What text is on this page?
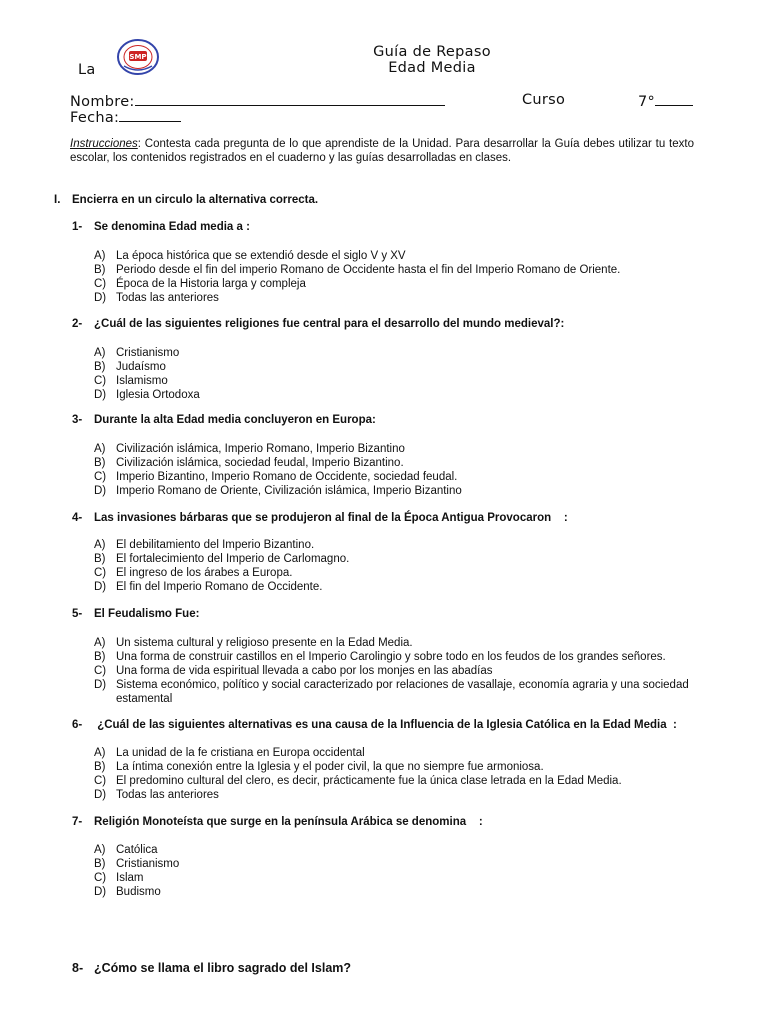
La
SMP	Guía de Repaso
Edad Media
Nombre:	Curso	7°
Fecha:
Instrucciones: Contesta cada pregunta de lo que aprendiste de la Unidad. Para desarrollar la Guía debes utilizar tu texto escolar, los contenidos registrados en el cuaderno y las guías desarrolladas en clases.
I. Encierra en un circulo la alternativa correcta.
1- Se denomina Edad media a :
A) La época histórica que se extendió desde el siglo V y XV
B) Periodo desde el fin del imperio Romano de Occidente hasta el fin del Imperio Romano de Oriente.
C) Época de la Historia larga y compleja
D) Todas las anteriores
2- ¿Cuál de las siguientes religiones fue central para el desarrollo del mundo medieval?:
A) Cristianismo
B) Judaísmo
C) Islamismo
D) Iglesia Ortodoxa
3- Durante la alta Edad media concluyeron en Europa:
A) Civilización islámica, Imperio Romano, Imperio Bizantino
B) Civilización islámica, sociedad feudal, Imperio Bizantino.
C) Imperio Bizantino, Imperio Romano de Occidente, sociedad feudal.
D) Imperio Romano de Oriente, Civilización islámica, Imperio Bizantino
4- Las invasiones bárbaras que se produjeron al final de la Época Antigua Provocaron    :
A) El debilitamiento del Imperio Bizantino.
B) El fortalecimiento del Imperio de Carlomagno.
C) El ingreso de los árabes a Europa.
D) El fin del Imperio Romano de Occidente.
5- El Feudalismo Fue:
A) Un sistema cultural y religioso presente en la Edad Media.
B) Una forma de construir castillos en el Imperio Carolingio y sobre todo en los feudos de los grandes señores.
C) Una forma de vida espiritual llevada a cabo por los monjes en las abadías
D) Sistema económico, político y social caracterizado por relaciones de vasallaje, economía agraria y una sociedad estamental
6- ¿Cuál de las siguientes alternativas es una causa de la Influencia de la Iglesia Católica en la Edad Media  :
A) La unidad de la fe cristiana en Europa occidental
B) La íntima conexión entre la Iglesia y el poder civil, la que no siempre fue armoniosa.
C) El predomino cultural del clero, es decir, prácticamente fue la única clase letrada en la Edad Media.
D) Todas las anteriores
7- Religión Monoteísta que surge en la península Arábica se denomina    :
A) Católica
B) Cristianismo
C) Islam
D) Budismo
8- ¿Cómo se llama el libro sagrado del Islam?
